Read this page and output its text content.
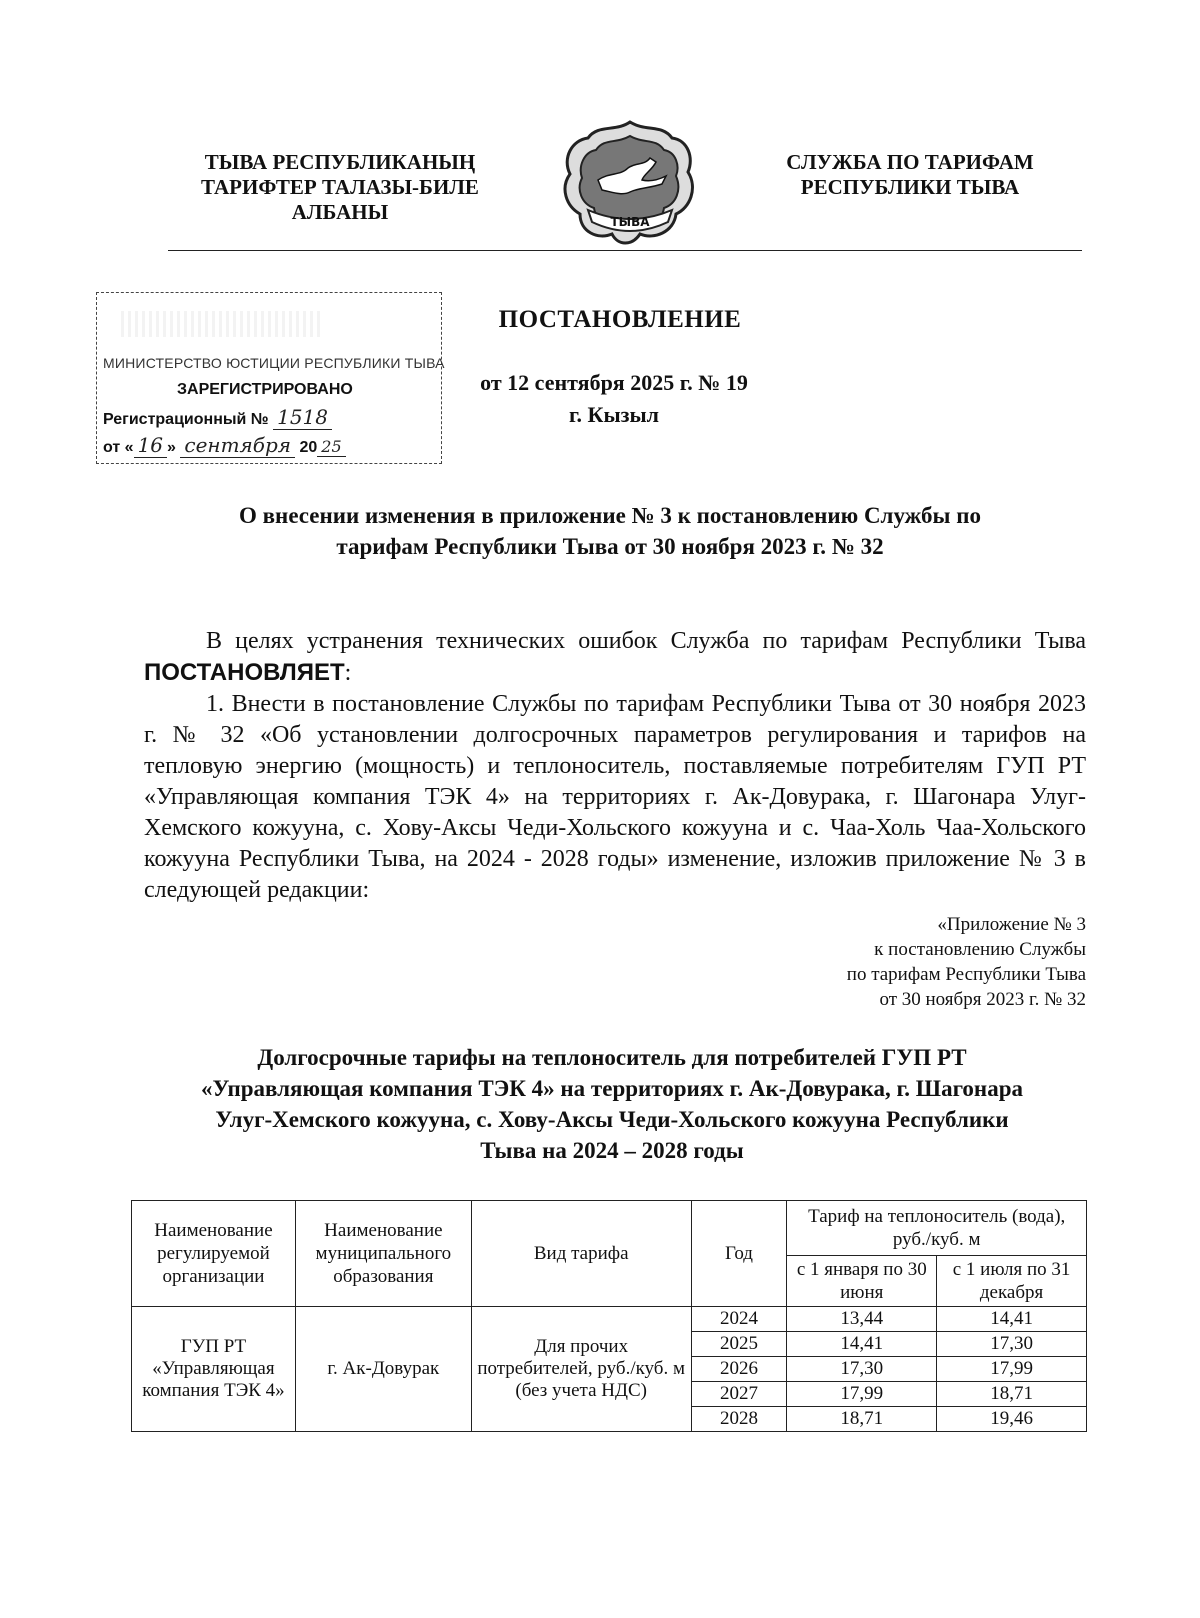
ТЫВА РЕСПУБЛИКАНЫҢ
ТАРИФТЕР ТАЛАЗЫ-БИЛЕ
АЛБАНЫ	ТЫВА
СЛУЖБА ПО ТАРИФАМ
РЕСПУБЛИКИ ТЫВА
МИНИСТЕРСТВО ЮСТИЦИИ РЕСПУБЛИКИ ТЫВА
ЗАРЕГИСТРИРОВАНО
Регистрационный № 1518
от « 16 » сентября 20 25
ПОСТАНОВЛЕНИЕ
от 12 сентября 2025 г. № 19
г. Кызыл
О внесении изменения в приложение № 3 к постановлению Службы по
тарифам Республики Тыва от 30 ноября 2023 г. № 32

В целях устранения технических ошибок Служба по тарифам Республики Тыва ПОСТАНОВЛЯЕТ:

1. Внести в постановление Службы по тарифам Республики Тыва от 30 ноября 2023 г. № 32 «Об установлении долгосрочных параметров регулирования и тарифов на тепловую энергию (мощность) и теплоноситель, поставляемые потребителям ГУП РТ «Управляющая компания ТЭК 4» на территориях г. Ак-Довурака, г. Шагонара Улуг-Хемского кожууна, с. Хову-Аксы Чеди-Хольского кожууна и с. Чаа-Холь Чаа-Хольского кожууна Республики Тыва, на 2024 - 2028 годы» изменение, изложив приложение № 3 в следующей редакции:

«Приложение № 3
к постановлению Службы
по тарифам Республики Тыва
от 30 ноября 2023 г. № 32
Долгосрочные тарифы на теплоноситель для потребителей ГУП РТ
«Управляющая компания ТЭК 4» на территориях г. Ак-Довурака, г. Шагонара
Улуг-Хемского кожууна, с. Хову-Аксы Чеди-Хольского кожууна Республики
Тыва на 2024 – 2028 годы
Наименование регулируемой организации	Наименование муниципального образования	Вид тарифа	Год	Тариф на теплоноситель (вода), руб./куб. м	
				с 1 января по 30 июня	с 1 июля по 31 декабря
ГУП РТ «Управляющая компания ТЭК 4»	г. Ак-Довурак	Для прочих потребителей, руб./куб. м (без учета НДС)	2024	13,44	14,41
			2025	14,41	17,30
			2026	17,30	17,99
			2027	17,99	18,71
			2028	18,71	19,46
